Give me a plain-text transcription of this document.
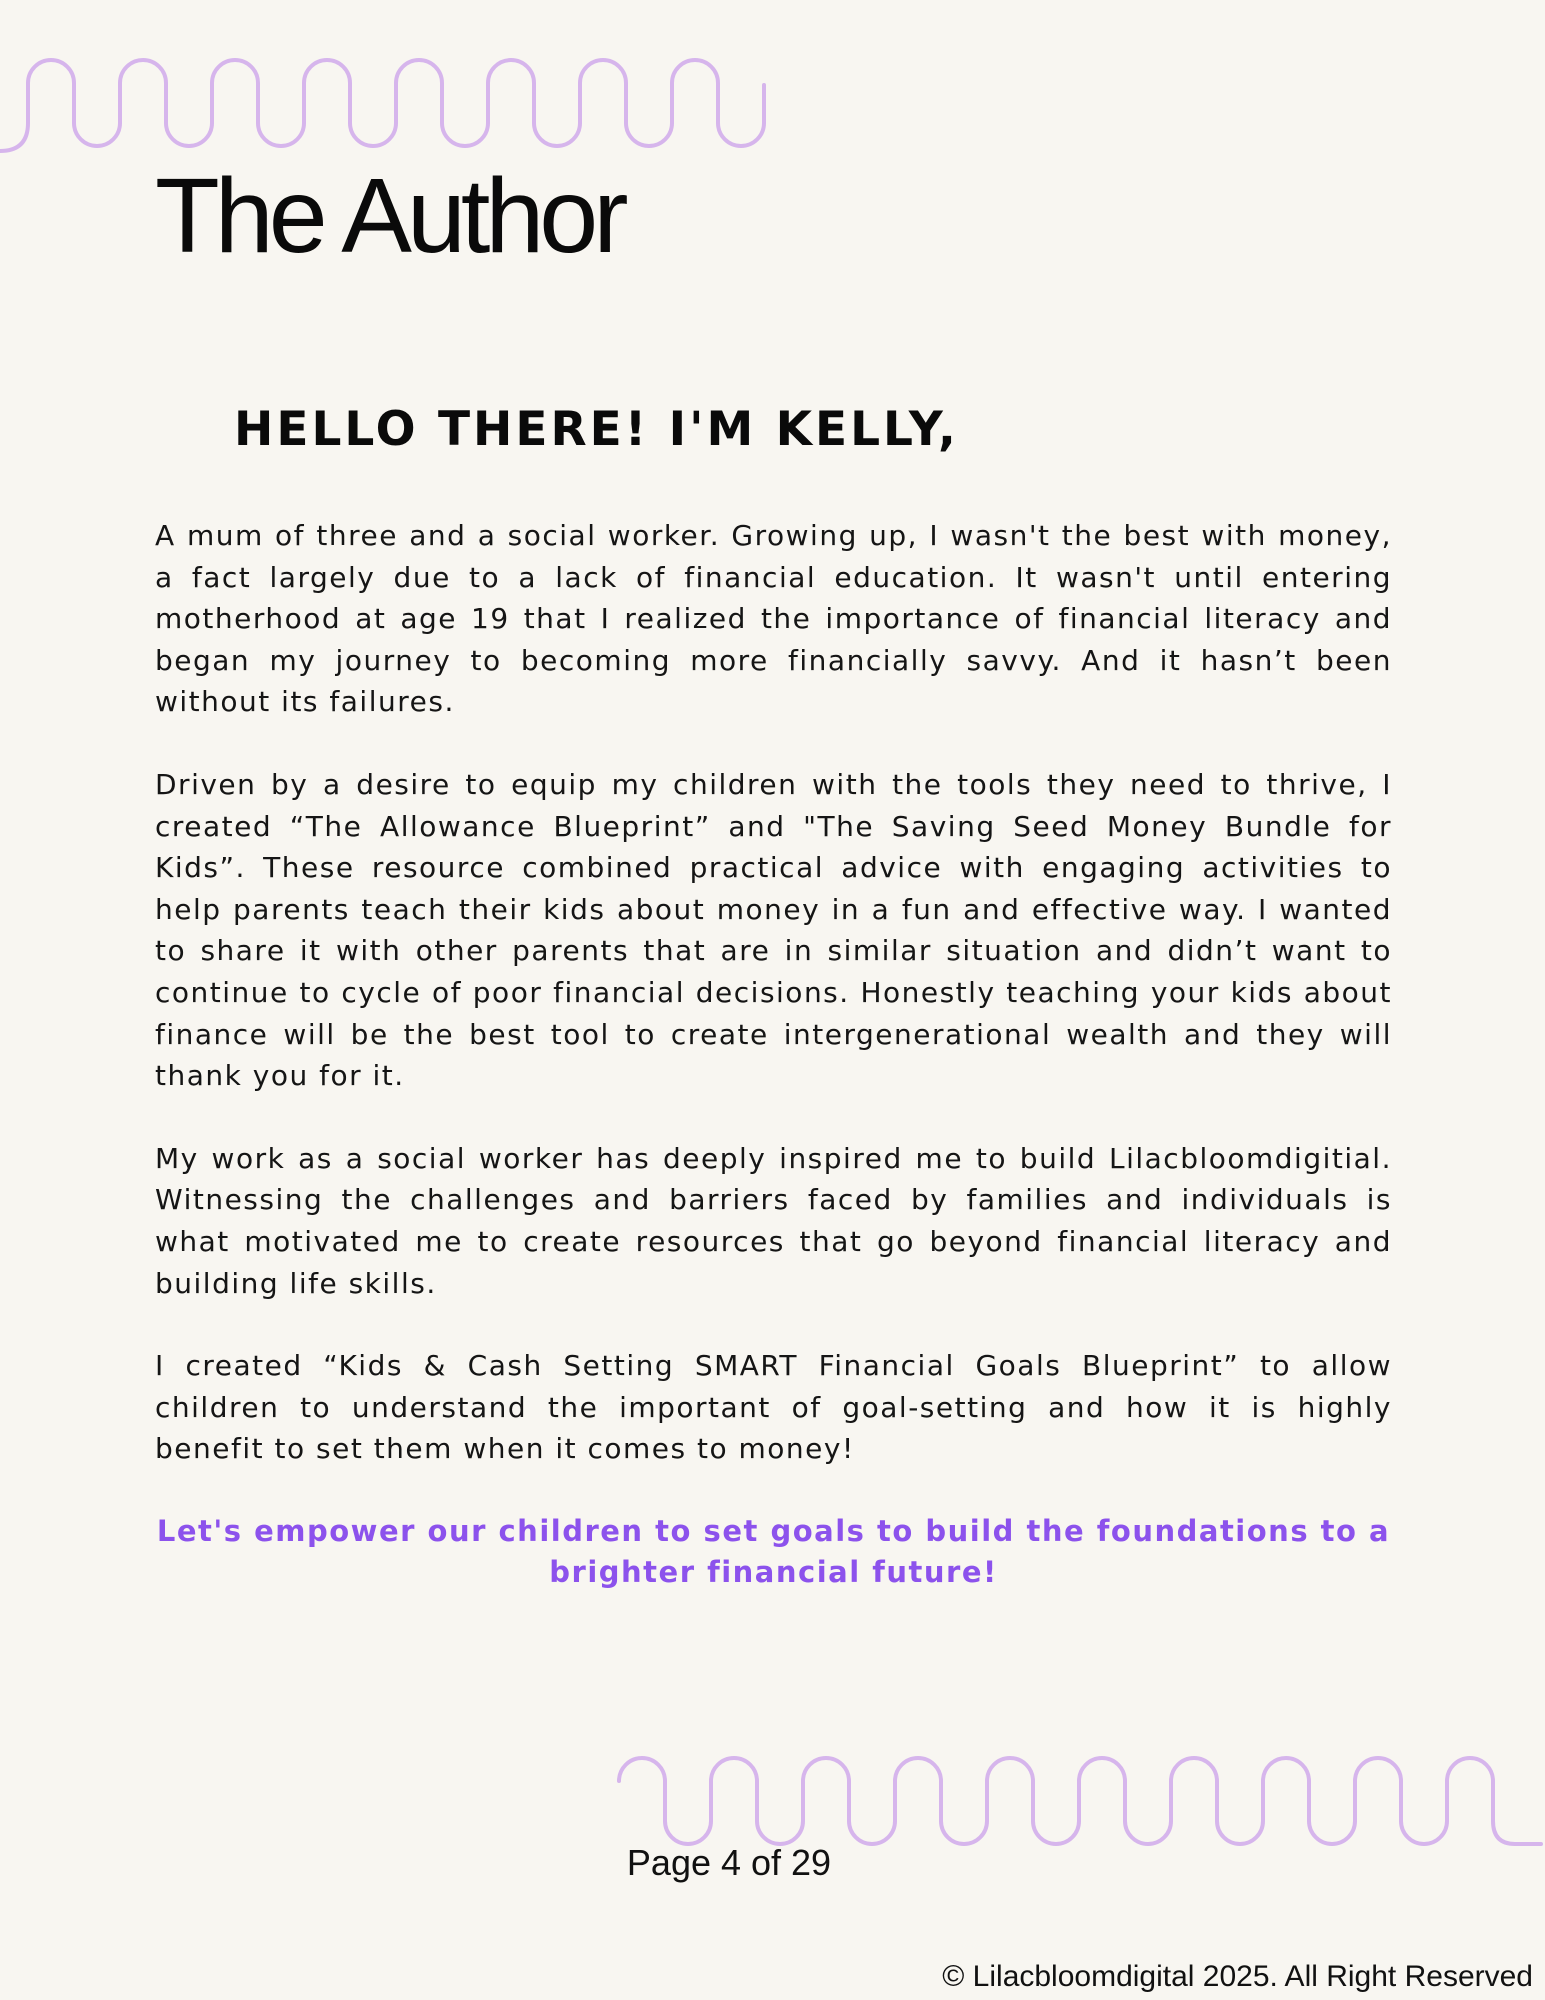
The Author
HELLO THERE! I'M KELLY,

A mum of three and a social worker. Growing up, I wasn't the best with money, a fact largely due to a lack of financial education. It wasn't until entering motherhood at age 19 that I realized the importance of financial literacy and began my journey to becoming more financially savvy. And it hasn’t been without its failures.

Driven by a desire to equip my children with the tools they need to thrive, I created “The Allowance Blueprint” and "The Saving Seed Money Bundle for Kids”. These resource combined practical advice with engaging activities to help parents teach their kids about money in a fun and effective way. I wanted to share it with other parents that are in similar situation and didn’t want to continue to cycle of poor financial decisions. Honestly teaching your kids about finance will be the best tool to create intergenerational wealth and they will thank you for it.

My work as a social worker has deeply inspired me to build Lilacbloomdigitial. Witnessing the challenges and barriers faced by families and individuals is what motivated me to create resources that go beyond financial literacy and building life skills.

I created “Kids & Cash Setting SMART Financial Goals Blueprint” to allow children to understand the important of goal-setting and how it is highly benefit to set them when it comes to money!

Let's empower our children to set goals to build the foundations to a brighter financial future!

Page 4 of 29
© Lilacbloomdigital 2025. All Right Reserved
